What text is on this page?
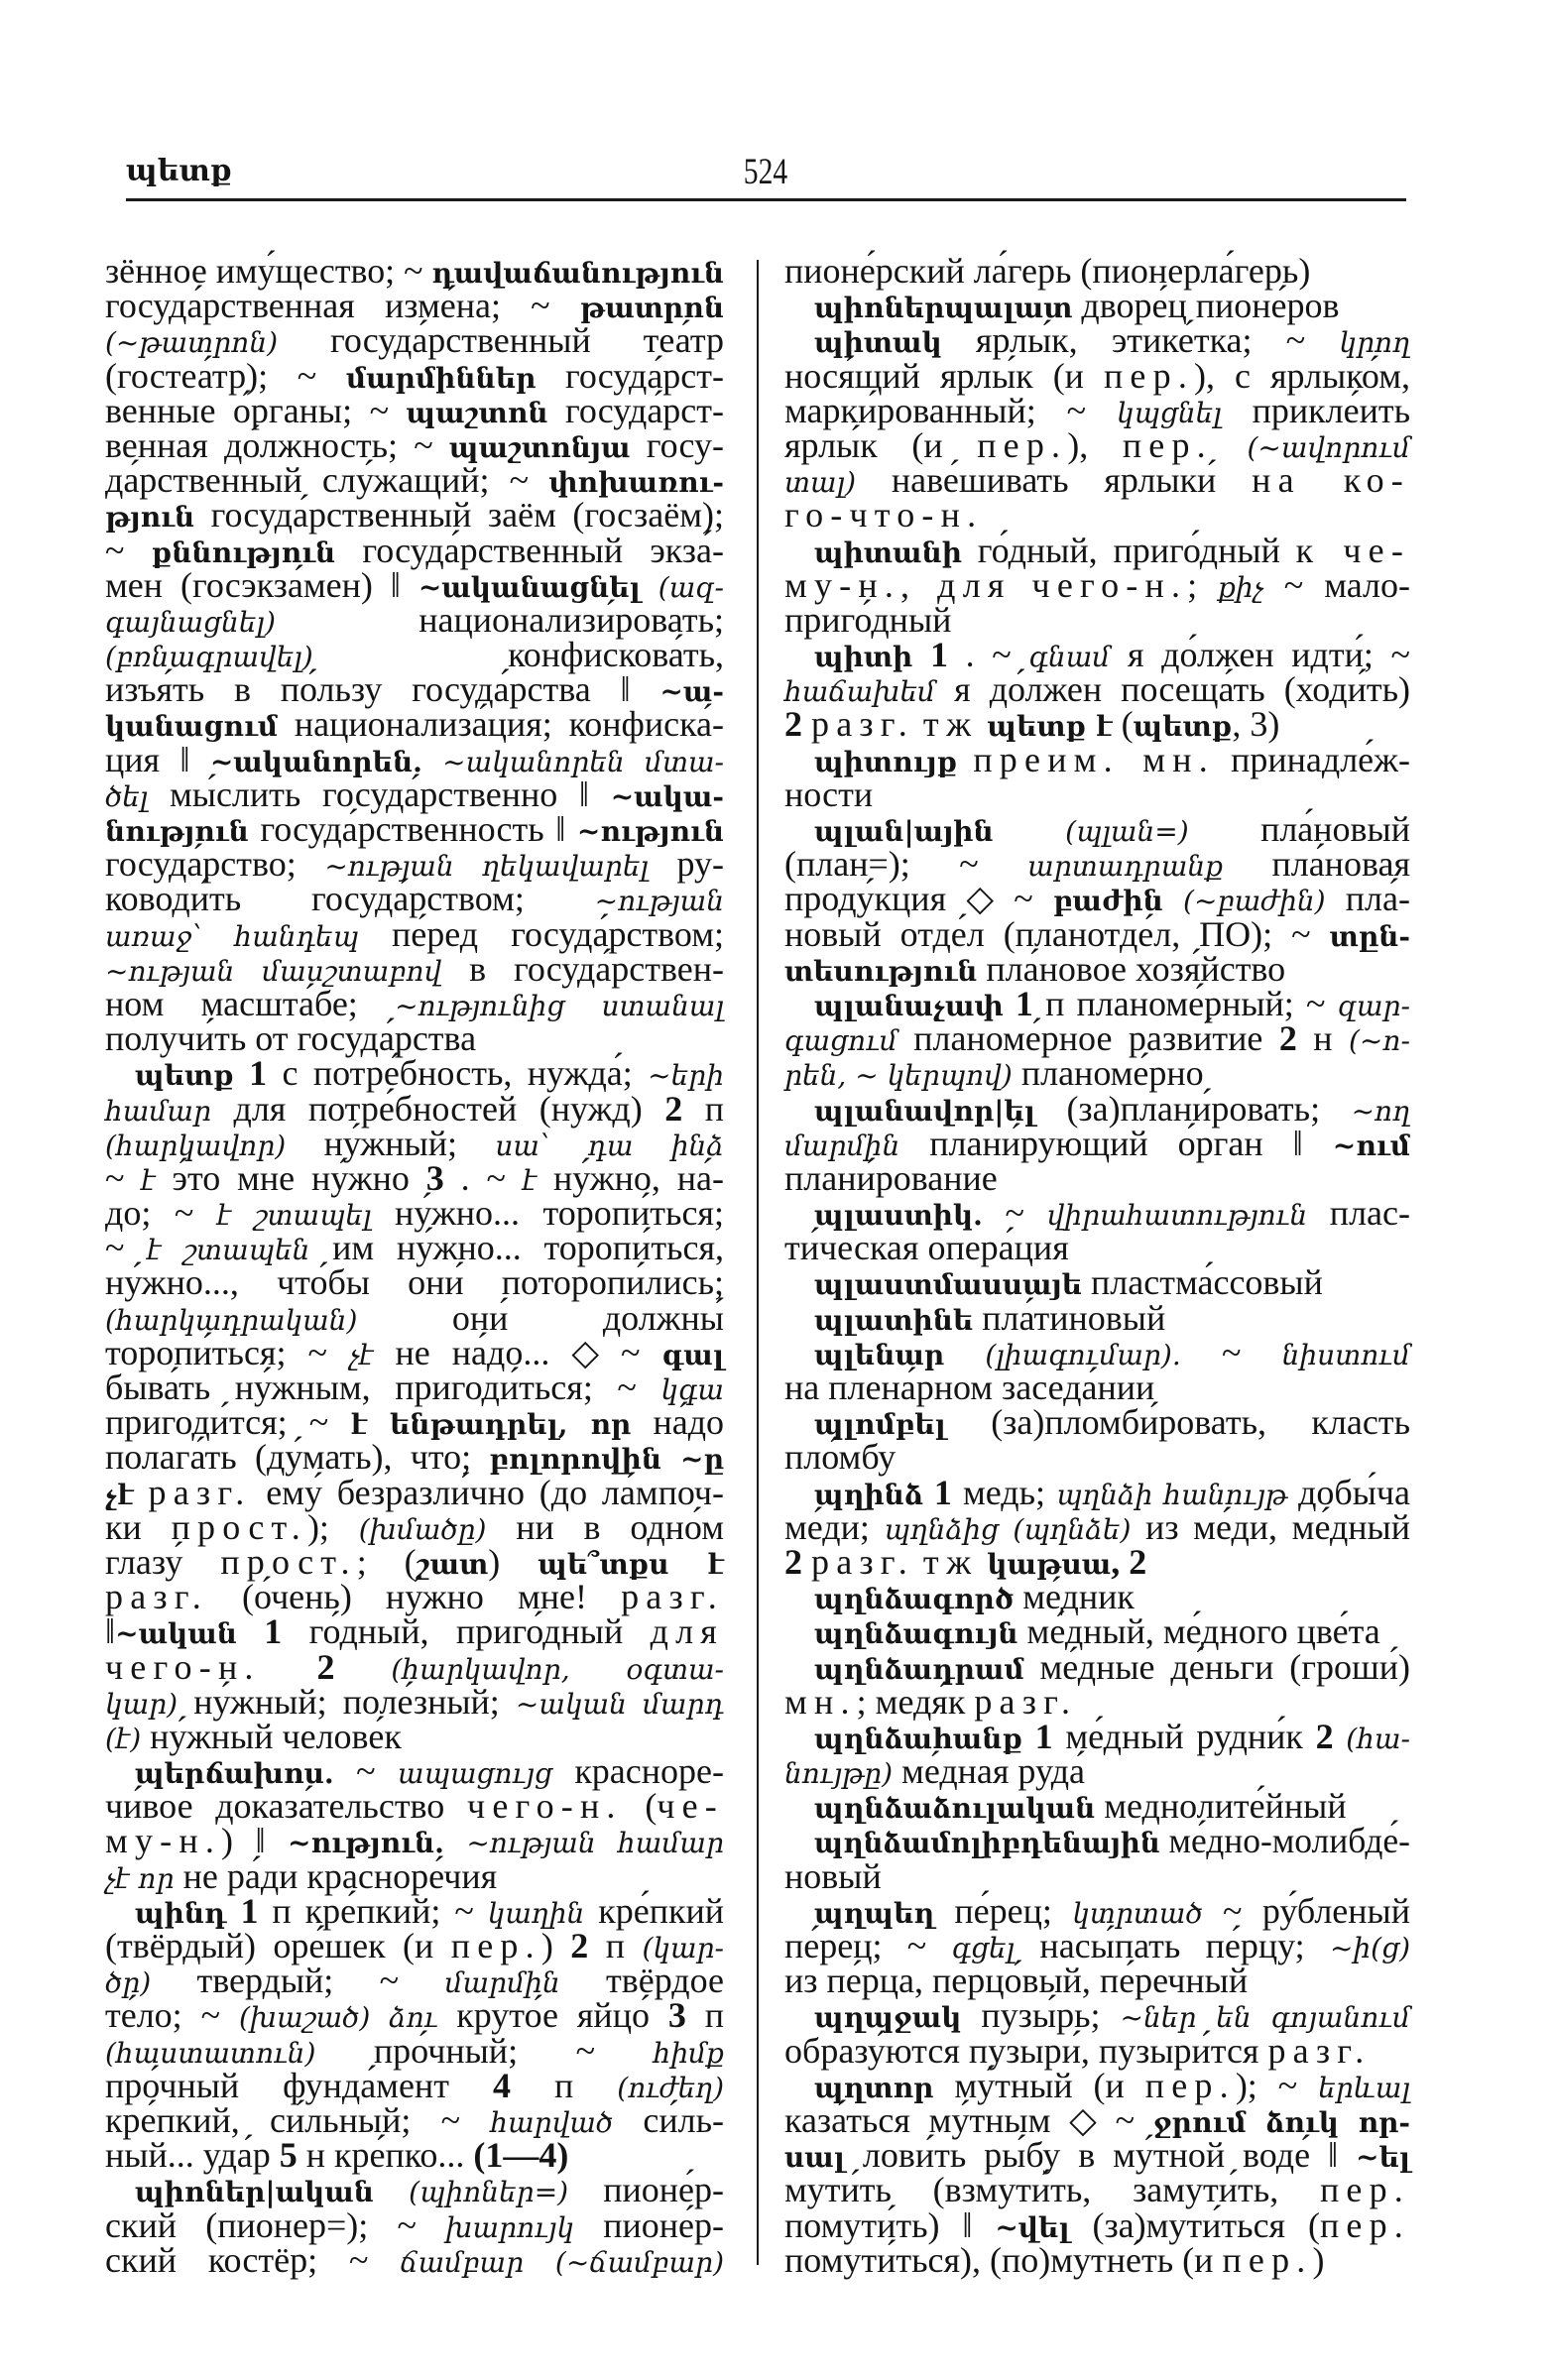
պետք	524
зённое иму́щество; ~ դավաճանություն
госуда́рственная изме́на; ~ թատրոն
(~թատրոն) госуда́рственный теа́тр
(гостеа́тр); ~ մարմիններ госуда́рст-
венные о́рганы; ~ պաշտոն госуда́рст-
венная до́лжность; ~ պաշտոնյա госу-
да́рственный слу́жащий; ~ փոխառու-
թյուն госуда́рственный заём (госзаём);
~ քննություն госуда́рственный экза́-
мен (госэкза́мен) ‖ ~ականացնել (ազ-
գայնացնել) национализи́ровать;
(բռնագրավել) конфискова́ть,
изъя́ть в по́льзу госуда́рства ‖ ~ա-
կանացում национализа́ция; конфиска́-
ция ‖ ~ականորեն. ~ականորեն մտա-
ծել мы́слить госуда́рственно ‖ ~ակա-
նություն госуда́рственность ‖ ~ություն
госуда́рство; ~ության ղեկավարել ру-
ководи́ть госуда́рством; ~ության
առաջ՝ հանդեպ пе́ред госуда́рством;
~ության մասշտաբով в госуда́рствен-
ном масшта́бе; ~ությունից ստանալ
получи́ть от госуда́рства
պետք 1 с потре́бность, нужда́; ~երի
համար для потре́бностей (нужд) 2 п
(հարկավոր) ну́жный; սա՝ դա ինձ
~ է э́то мне ну́жно 3 . ~ է ну́жно, на́-
до; ~ է շտապել ну́жно... торопи́ться;
~ է շտապեն им ну́жно... торопи́ться,
ну́жно..., что́бы они́ поторопи́лись;
(հարկադրական) они́ должны́
торопи́ться; ~ չէ не на́до... ◇ ~ գալ
быва́ть ну́жным, пригоди́ться; ~ կգա
пригоди́тся; ~ է ենթադրել, որ на́до
полага́ть (ду́мать), что; բոլորովին ~ը
չէ разг. ему́ безразли́чно (до ла́мпоч-
ки прост.); (խմածը) ни в одно́м
глазу́ прост.; (շատ) պե՞տքս է
разг. (о́чень) ну́жно мне! разг.
‖~ական 1 го́дный, приго́дный для
чего-н. 2 (հարկավոր, օգտա-
կար) ну́жный; поле́зный; ~ական մարդ
(է) ну́жный челове́к
պերճախոս. ~ ապացույց красноре-
чи́вое доказа́тельство чего-н. (че-
му-н.) ‖ ~ություն. ~ության համար
չէ որ не ра́ди красноре́чия
պինդ 1 п кре́пкий; ~ կաղին кре́пкий
(твёрдый) оре́шек (и пер.) 2 п (կար-
ծր) твердый; ~ մարմին твёрдое
те́ло; ~ (խաշած) ձու круто́е яйцо́ 3 п
(հաստատուն) про́чный; ~ հիմք
про́чный фунда́мент 4 п (ուժեղ)
кре́пкий, си́льный; ~ հարված си́ль-
ный... уда́р 5 н кре́пко... (1—4)
պիոներ|ական (պիոներ=) пионе́р-
ский (пионер=); ~ խարույկ пионе́р-
ский костёр; ~ ճամբար (~ճամբար)
пионе́рский ла́герь (пионерла́герь)
պիոներպալատ дворе́ц пионе́ров
պիտակ ярлы́к, этике́тка; ~ կրող
нося́щий ярлы́к (и пер.), с ярлыко́м,
марки́рованный; ~ կպցնել прикле́ить
ярлы́к (и пер.), пер. (~ավորում
տալ) наве́шивать ярлыки́ на ко-
го-что-н.
պիտանի го́дный, приго́дный к че-
му-н., для чего-н.; քիչ ~ мало-
приго́дный
պիտի 1 . ~ գնամ я до́лжен идти́; ~
հաճախեմ я до́лжен посеща́ть (ходи́ть)
2 разг. тж պետք է (պետք, 3)
պիտույք преим. мн. принадле́ж-
ности
պլան|ային	(պլան=) пла́новый
(план=); ~ արտադրանք пла́новая
проду́кция ◇ ~ բաժին (~բաժին) пла́-
новый отде́л (планотде́л, ПО); ~ տըն-
տեսություն пла́новое хозя́йство
պլանաչափ 1 п планоме́рный; ~ զար-
գացում планоме́рное разви́тие 2 н (~ո-
րեն, ~ կերպով) планоме́рно
պլանավոր|ել (за)плани́ровать; ~ող
մարմին плани́рующий о́рган ‖ ~ում
плани́рование
պլաստիկ. ~ վիրահատություն плас-
ти́ческая опера́ция
պլաստմասսայե пластма́ссовый
պլատինե пла́тиновый
պլենար (լիագումար). ~ նիստում
на плена́рном заседа́нии
պլոմբել (за)пломби́ровать, класть
пло́мбу
պղինձ 1 медь; պղնձի հանույթ добы́ча
ме́ди; պղնձից (պղնձե) из ме́ди, ме́дный
2 разг. тж կաթսա, 2
պղնձագործ ме́дник
պղնձագույն ме́дный, ме́дного цве́та
պղնձադրամ ме́дные де́ньги (гроши́)
мн.; медя́к разг.
պղնձահանք 1 ме́дный рудни́к 2 (հա-
նույթը) ме́дная руда́
պղնձաձուլական меднолите́йный
պղնձամոլիբդենային ме́дно-молибде́-
новый
պղպեղ пе́рец; կտրտած ~ ру́бленый
пе́рец; ~ գցել насы́пать пе́рцу; ~ի(ց)
из пе́рца, перцо́вый, пе́речный
պղպջակ пузы́рь; ~ներ են գոյանում
образу́ются пузыри́, пузыри́тся разг.
պղտոր му́тный (и пер.); ~ երևալ
каза́ться му́тным ◇ ~ ջրում ձուկ որ-
սալ лови́ть ры́бу в му́тной воде́ ‖ ~ել
мути́ть (взмути́ть, замути́ть, пер.
помути́ть) ‖ ~վել (за)мути́ться (пер.
помути́ться), (по)мутне́ть (и пер.)
